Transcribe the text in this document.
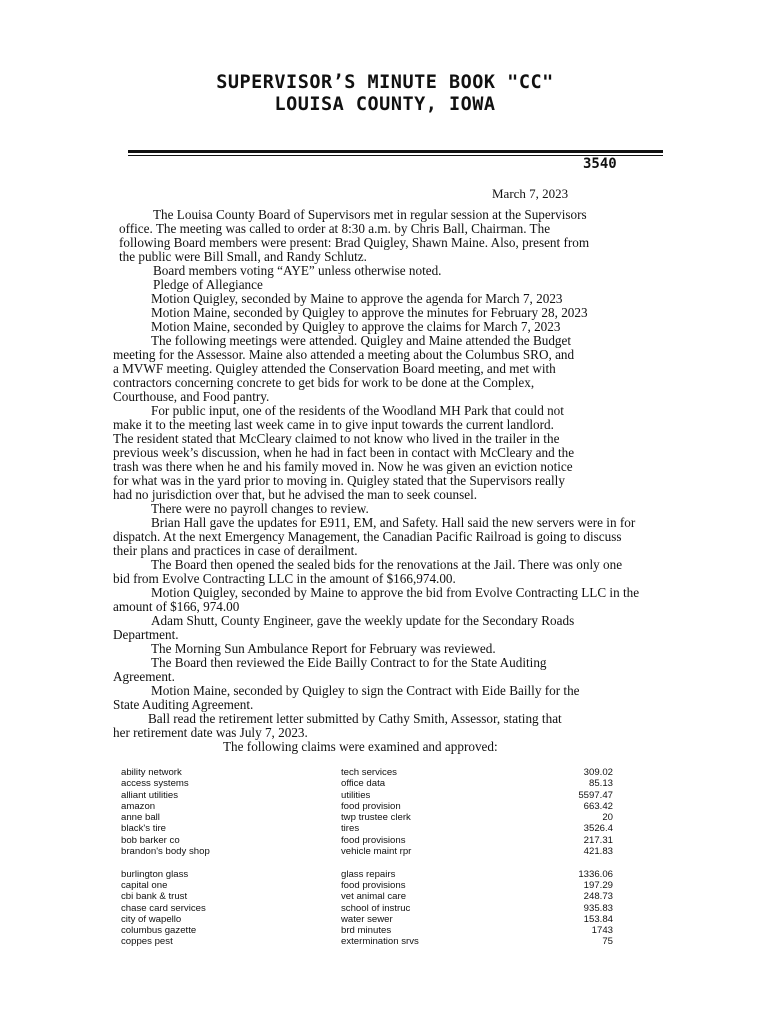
SUPERVISOR’S MINUTE BOOK "CC"
LOUISA COUNTY, IOWA
3540
March 7, 2023
The Louisa County Board of Supervisors met in regular session at the Supervisors
office. The meeting was called to order at 8:30 a.m. by Chris Ball, Chairman. The
following Board members were present: Brad Quigley, Shawn Maine. Also, present from
the public were Bill Small, and Randy Schlutz.
Board members voting “AYE” unless otherwise noted.
Pledge of Allegiance
Motion Quigley, seconded by Maine to approve the agenda for March 7, 2023
Motion Maine, seconded by Quigley to approve the minutes for February 28, 2023
Motion Maine, seconded by Quigley to approve the claims for March 7, 2023
The following meetings were attended. Quigley and Maine attended the Budget
meeting for the Assessor. Maine also attended a meeting about the Columbus SRO, and
a MVWF meeting. Quigley attended the Conservation Board meeting, and met with
contractors concerning concrete to get bids for work to be done at the Complex,
Courthouse, and Food pantry.
For public input, one of the residents of the Woodland MH Park that could not
make it to the meeting last week came in to give input towards the current landlord.
The resident stated that McCleary claimed to not know who lived in the trailer in the
previous week’s discussion, when he had in fact been in contact with McCleary and the
trash was there when he and his family moved in. Now he was given an eviction notice
for what was in the yard prior to moving in. Quigley stated that the Supervisors really
had no jurisdiction over that, but he advised the man to seek counsel.
There were no payroll changes to review.
Brian Hall gave the updates for E911, EM, and Safety. Hall said the new servers were in for
dispatch. At the next Emergency Management, the Canadian Pacific Railroad is going to discuss
their plans and practices in case of derailment.
The Board then opened the sealed bids for the renovations at the Jail. There was only one
bid from Evolve Contracting LLC in the amount of $166,974.00.
Motion Quigley, seconded by Maine to approve the bid from Evolve Contracting LLC in the
amount of $166, 974.00
Adam Shutt, County Engineer, gave the weekly update for the Secondary Roads
Department.
The Morning Sun Ambulance Report for February was reviewed.
The Board then reviewed the Eide Bailly Contract to for the State Auditing
Agreement.
Motion Maine, seconded by Quigley to sign the Contract with Eide Bailly for the
State Auditing Agreement.
Ball read the retirement letter submitted by Cathy Smith, Assessor, stating that
her retirement date was July 7, 2023.
The following claims were examined and approved:
ability network	tech services	309.02
access systems	office data	85.13
alliant utilities	utilities	5597.47
amazon	food provision	663.42
anne ball	twp trustee clerk	20
black's tire	tires	3526.4
bob barker co	food provisions	217.31
brandon's body shop	vehicle maint rpr	421.83
burlington glass	glass repairs	1336.06
capital one	food provisions	197.29
cbi bank & trust	vet animal care	248.73
chase card services	school of instruc	935.83
city of wapello	water sewer	153.84
columbus gazette	brd minutes	1743
coppes pest	extermination srvs	75
